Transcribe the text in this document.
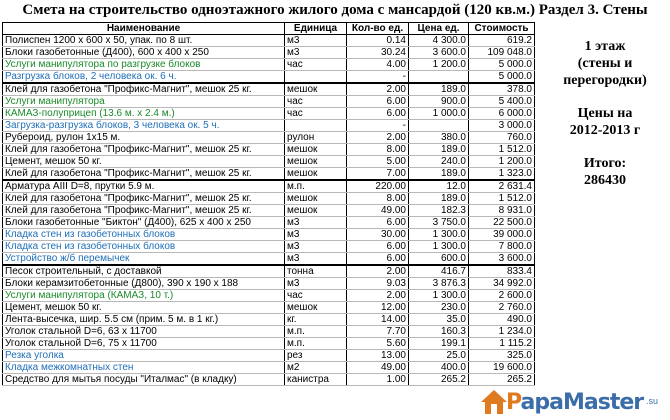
Смета на строительство одноэтажного жилого дома с мансардой (120 кв.м.) Раздел 3. Стены
Наименование	Единица	Кол-во ед.	Цена ед.	Стоимость
Полиспен 1200 х 600 х 50, упак. по 8 шт.	м3	0.14	4 300.0	619.2
Блоки газобетонные (Д400), 600 х 400 х 250	м3	30.24	3 600.0	109 048.0
Услуги манипулятора по разгрузке блоков	час	4.00	1 200.0	5 000.0
Разгрузка блоков, 2 человека ок. 6 ч.		-		5 000.0
Клей для газобетона "Профикс-Магнит", мешок 25 кг.	мешок	2.00	189.0	378.0
Услуги манипулятора	час	6.00	900.0	5 400.0
КАМАЗ-полуприцеп (13.6 м. х 2.4 м.)	час	6.00	1 000.0	6 000.0
Загрузка-разгрузка блоков, 3 человека ок. 5 ч.		-		3 000.0
Рубероид, рулон 1х15 м.	рулон	2.00	380.0	760.0
Клей для газобетона "Профикс-Магнит", мешок 25 кг.	мешок	8.00	189.0	1 512.0
Цемент, мешок 50 кг.	мешок	5.00	240.0	1 200.0
Клей для газобетона "Профикс-Магнит", мешок 25 кг.	мешок	7.00	189.0	1 323.0
Арматура AIII D=8, прутки 5.9 м.	м.п.	220.00	12.0	2 631.4
Клей для газобетона "Профикс-Магнит", мешок 25 кг.	мешок	8.00	189.0	1 512.0
Клей для газобетона "Профикс-Магнит", мешок 25 кг.	мешок	49.00	182.3	8 931.0
Блоки газобетонные "Биктон" (Д400), 625 х 400 х 250	м3	6.00	3 750.0	22 500.0
Кладка стен из газобетонных блоков	м3	30.00	1 300.0	39 000.0
Кладка стен из газобетонных блоков	м3	6.00	1 300.0	7 800.0
Устройство ж/б перемычек	м3	6.00	600.0	3 600.0
Песок строительный, с доставкой	тонна	2.00	416.7	833.4
Блоки керамзитобетонные (Д800), 390 х 190 х 188	м3	9.03	3 876.3	34 992.0
Услуги манипулятора (КАМАЗ, 10 т.)	час	2.00	1 300.0	2 600.0
Цемент, мешок 50 кг.	мешок	12.00	230.0	2 760.0
Лента-высечка, шир. 5.5 см (прим. 5 м. в 1 кг.)	кг.	14.00	35.0	490.0
Уголок стальной D=6, 63 х 11700	м.п.	7.70	160.3	1 234.0
Уголок стальной D=6, 75 х 11700	м.п.	5.60	199.1	1 115.2
Резка уголка	рез	13.00	25.0	325.0
Кладка межкомнатных стен	м2	49.00	400.0	19 600.0
Средство для мытья посуды "Италмас" (в кладку)	канистра	1.00	265.2	265.2
1 этаж
(стены и
перегородки)
Цены на
2012-2013 г
Итого:
286430
PapaMaster .su
